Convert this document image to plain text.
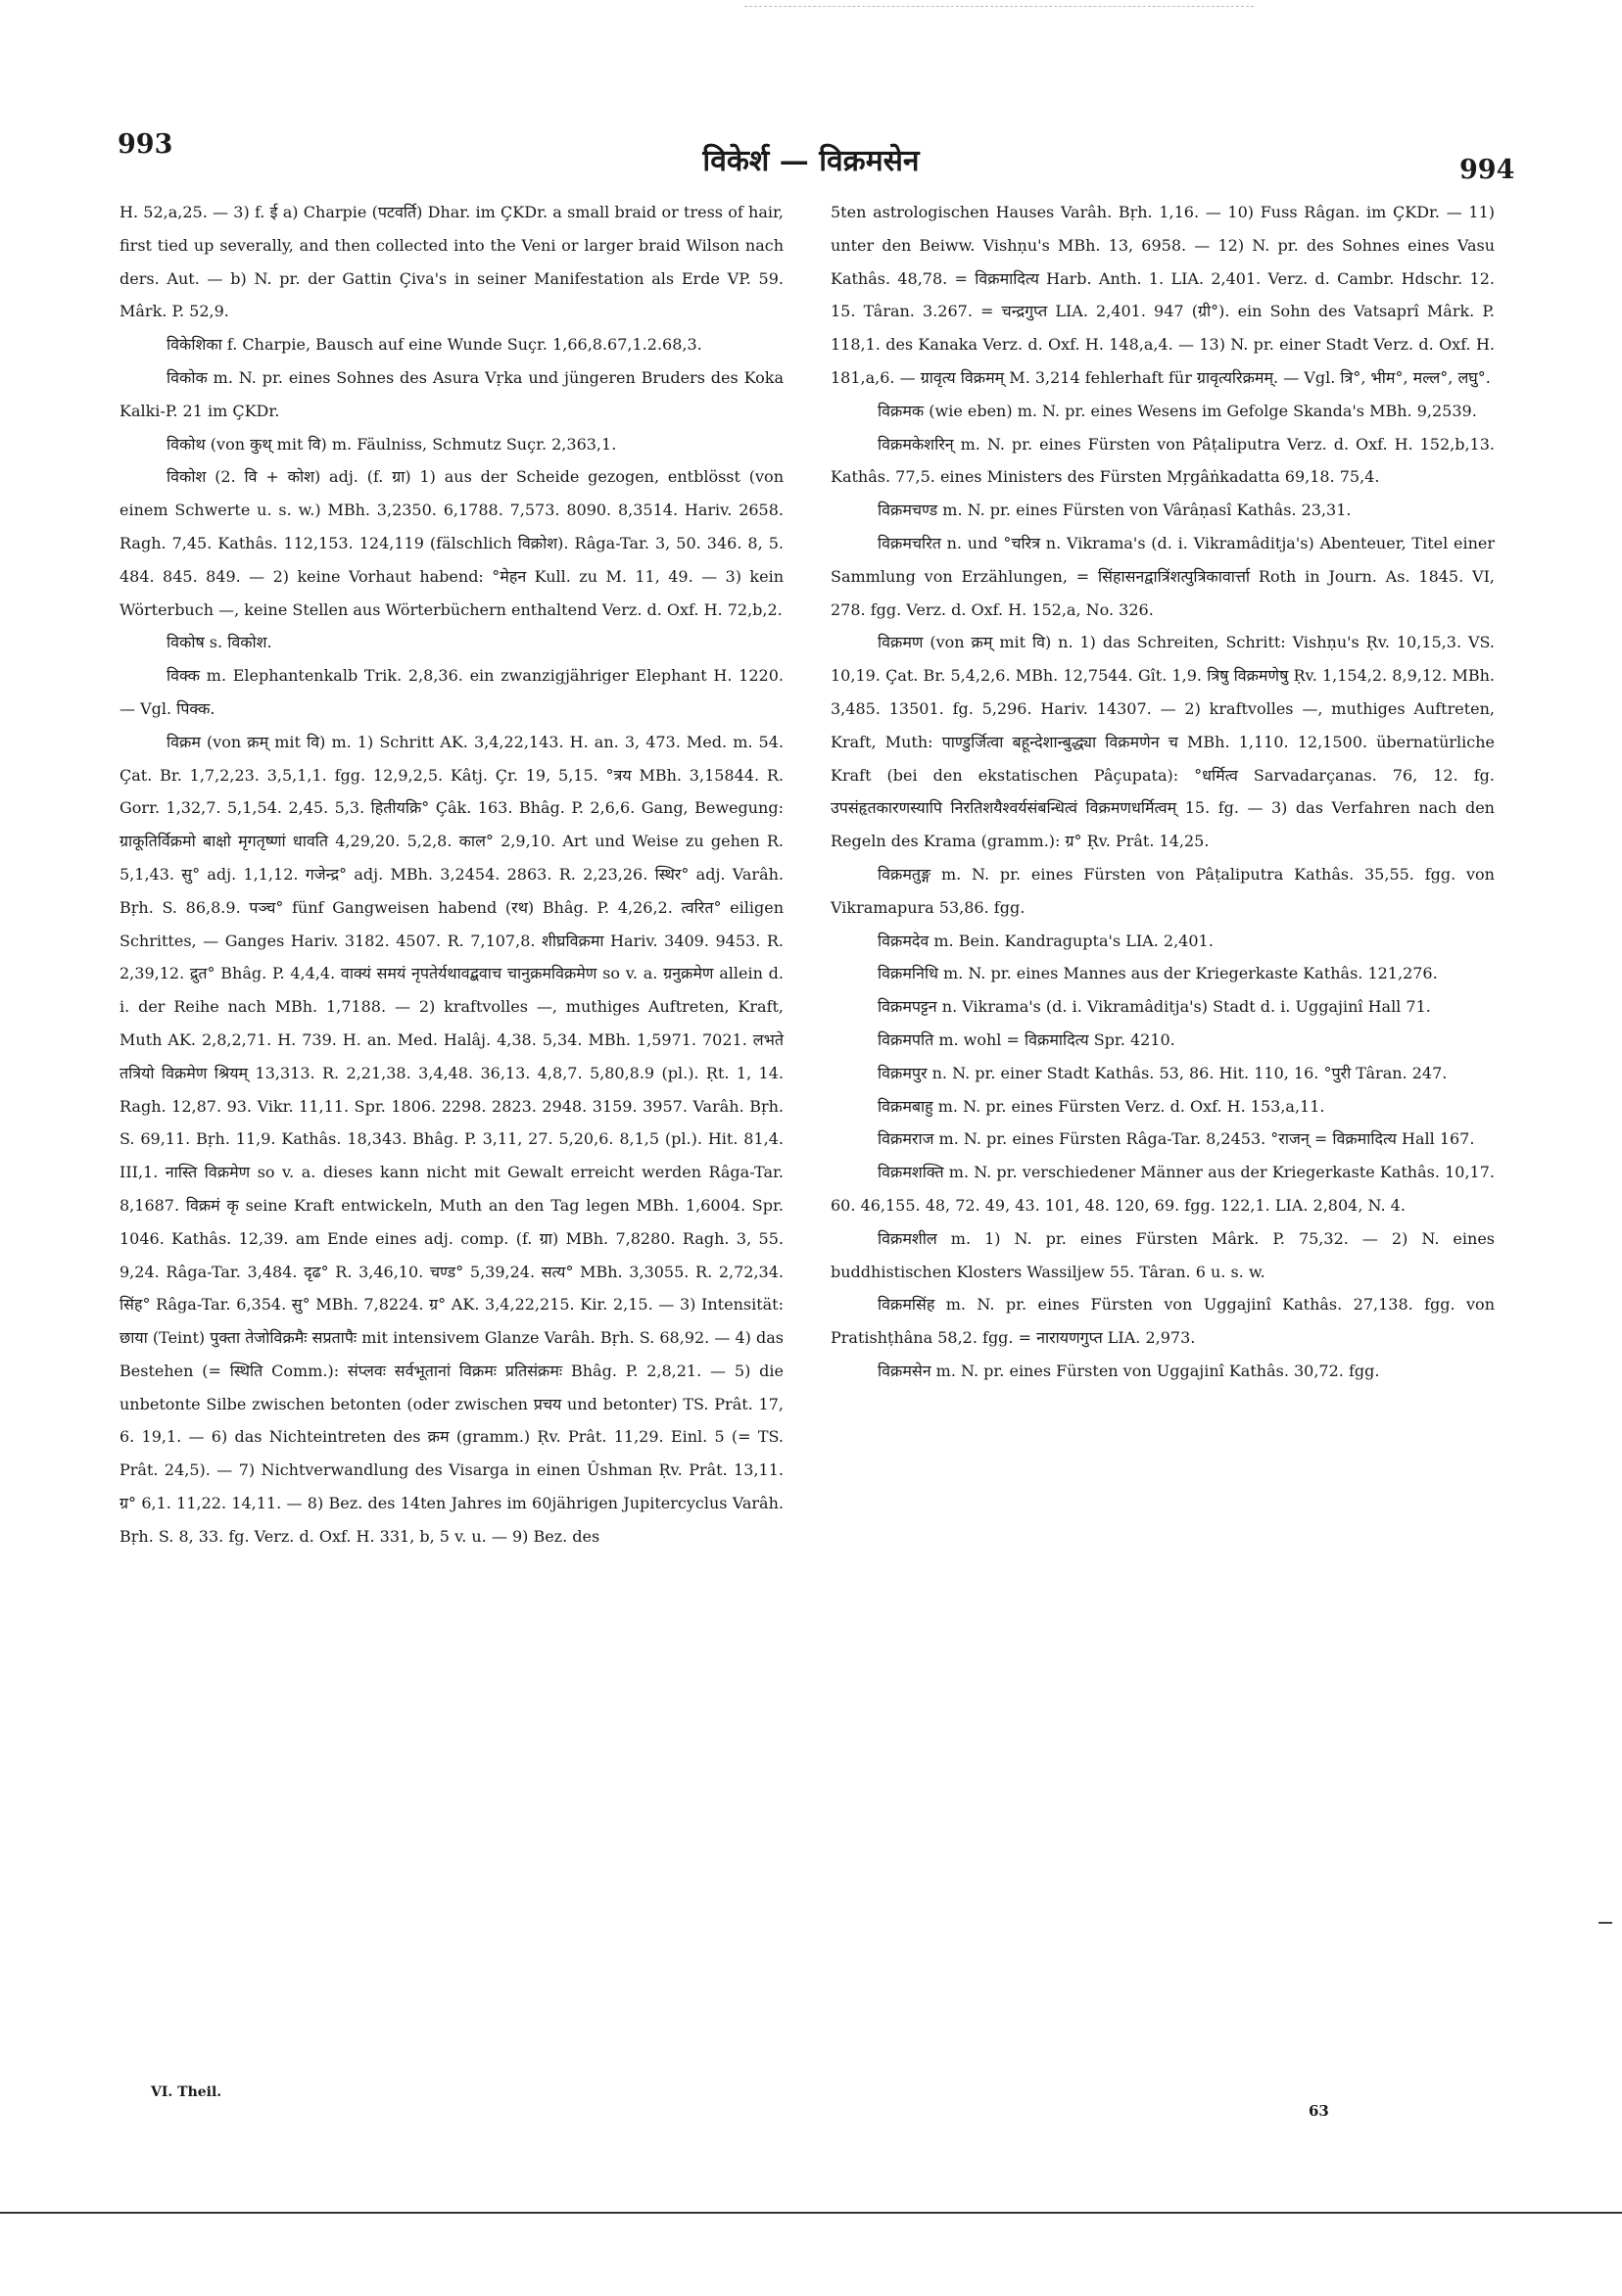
993	विकेर्श — विक्रमसेन	994

H. 52,a,25. — 3) f. ई a) Charpie (पटवर्ति) Dhar. im ÇKDr. a small braid or tress of hair, first tied up severally, and then collected into the Veni or larger braid Wilson nach ders. Aut. — b) N. pr. der Gattin Çiva's in seiner Manifestation als Erde VP. 59. Mârk. P. 52,9.

विकेशिका f. Charpie, Bausch auf eine Wunde Suçr. 1,66,8.67,1.2.68,3.

विकोक m. N. pr. eines Sohnes des Asura Vṛka und jüngeren Bruders des Koka Kalki-P. 21 im ÇKDr.

विकोथ (von कुथ् mit वि) m. Fäulniss, Schmutz Suçr. 2,363,1.

विकोश (2. वि + कोश) adj. (f. ग्रा) 1) aus der Scheide gezogen, entblösst (von einem Schwerte u. s. w.) MBh. 3,2350. 6,1788. 7,573. 8090. 8,3514. Hariv. 2658. Ragh. 7,45. Kathâs. 112,153. 124,119 (fälschlich विक्रोश). Râga-Tar. 3, 50. 346. 8, 5. 484. 845. 849. — 2) keine Vorhaut habend: °मेहन Kull. zu M. 11, 49. — 3) kein Wörterbuch —, keine Stellen aus Wörterbüchern enthaltend Verz. d. Oxf. H. 72,b,2.

विकोष s. विकोश.

विक्क m. Elephantenkalb Trik. 2,8,36. ein zwanzigjähriger Elephant H. 1220. — Vgl. पिक्क.

विक्रम (von क्रम् mit वि) m. 1) Schritt AK. 3,4,22,143. H. an. 3, 473. Med. m. 54. Çat. Br. 1,7,2,23. 3,5,1,1. fgg. 12,9,2,5. Kâtj. Çr. 19, 5,15. °त्रय MBh. 3,15844. R. Gorr. 1,32,7. 5,1,54. 2,45. 5,3. हितीयक्रि° Çâk. 163. Bhâg. P. 2,6,6. Gang, Bewegung: ग्राकूतिर्विक्रमो बाक्षो मृगतृष्णां धावति 4,29,20. 5,2,8. काल° 2,9,10. Art und Weise zu gehen R. 5,1,43. सु° adj. 1,1,12. गजेन्द्र° adj. MBh. 3,2454. 2863. R. 2,23,26. स्थिर° adj. Varâh. Bṛh. S. 86,8.9. पञ्च° fünf Gangweisen habend (रथ) Bhâg. P. 4,26,2. त्वरित° eiligen Schrittes, — Ganges Hariv. 3182. 4507. R. 7,107,8. शीघ्रविक्रमा Hariv. 3409. 9453. R. 2,39,12. द्रुत° Bhâg. P. 4,4,4. वाक्यं समयं नृपतेर्यथावद्बवाच चानुक्रमविक्रमेण so v. a. ग्रनुक्रमेण allein d. i. der Reihe nach MBh. 1,7188. — 2) kraftvolles —, muthiges Auftreten, Kraft, Muth AK. 2,8,2,71. H. 739. H. an. Med. Halâj. 4,38. 5,34. MBh. 1,5971. 7021. लभते तत्रियो विक्रमेण श्रियम् 13,313. R. 2,21,38. 3,4,48. 36,13. 4,8,7. 5,80,8.9 (pl.). Ṛt. 1, 14. Ragh. 12,87. 93. Vikr. 11,11. Spr. 1806. 2298. 2823. 2948. 3159. 3957. Varâh. Bṛh. S. 69,11. Bṛh. 11,9. Kathâs. 18,343. Bhâg. P. 3,11, 27. 5,20,6. 8,1,5 (pl.). Hit. 81,4. III,1. नास्ति विक्रमेण so v. a. dieses kann nicht mit Gewalt erreicht werden Râga-Tar. 8,1687. विक्रमं कृ seine Kraft entwickeln, Muth an den Tag legen MBh. 1,6004. Spr. 1046. Kathâs. 12,39. am Ende eines adj. comp. (f. ग्रा) MBh. 7,8280. Ragh. 3, 55. 9,24. Râga-Tar. 3,484. दृढ° R. 3,46,10. चण्ड° 5,39,24. सत्य° MBh. 3,3055. R. 2,72,34. सिंह° Râga-Tar. 6,354. सु° MBh. 7,8224. ग्र° AK. 3,4,22,215. Kir. 2,15. — 3) Intensität: छाया (Teint) पुक्ता तेजोविक्रमैः सप्रतापैः mit intensivem Glanze Varâh. Bṛh. S. 68,92. — 4) das Bestehen (= स्थिति Comm.): संप्लवः सर्वभूतानां विक्रमः प्रतिसंक्रमः Bhâg. P. 2,8,21. — 5) die unbetonte Silbe zwischen betonten (oder zwischen प्रचय und betonter) TS. Prât. 17, 6. 19,1. — 6) das Nichteintreten des क्रम (gramm.) Ṛv. Prât. 11,29. Einl. 5 (= TS. Prât. 24,5). — 7) Nichtverwandlung des Visarga in einen Ûshman Ṛv. Prât. 13,11. ग्र° 6,1. 11,22. 14,11. — 8) Bez. des 14ten Jahres im 60jährigen Jupitercyclus Varâh. Bṛh. S. 8, 33. fg. Verz. d. Oxf. H. 331, b, 5 v. u. — 9) Bez. des

5ten astrologischen Hauses Varâh. Bṛh. 1,16. — 10) Fuss Râgan. im ÇKDr. — 11) unter den Beiww. Vishṇu's MBh. 13, 6958. — 12) N. pr. des Sohnes eines Vasu Kathâs. 48,78. = विक्रमादित्य Harb. Anth. 1. LIA. 2,401. Verz. d. Cambr. Hdschr. 12. 15. Târan. 3.267. = चन्द्रगुप्त LIA. 2,401. 947 (ग्री°). ein Sohn des Vatsaprî Mârk. P. 118,1. des Kanaka Verz. d. Oxf. H. 148,a,4. — 13) N. pr. einer Stadt Verz. d. Oxf. H. 181,a,6. — ग्रावृत्य विक्रमम् M. 3,214 fehlerhaft für ग्रावृत्यरिक्रमम्. — Vgl. त्रि°, भीम°, मल्ल°, लघु°.

विक्रमक (wie eben) m. N. pr. eines Wesens im Gefolge Skanda's MBh. 9,2539.

विक्रमकेशरिन् m. N. pr. eines Fürsten von Pâṭaliputra Verz. d. Oxf. H. 152,b,13. Kathâs. 77,5. eines Ministers des Fürsten Mṛgâṅkadatta 69,18. 75,4.

विक्रमचण्ड m. N. pr. eines Fürsten von Vârâṇasî Kathâs. 23,31.

विक्रमचरित n. und °चरित्र n. Vikrama's (d. i. Vikramâditja's) Abenteuer, Titel einer Sammlung von Erzählungen, = सिंहासनद्वात्रिंशत्पुत्रिकावार्त्ता Roth in Journ. As. 1845. VI, 278. fgg. Verz. d. Oxf. H. 152,a, No. 326.

विक्रमण (von क्रम् mit वि) n. 1) das Schreiten, Schritt: Vishṇu's Ṛv. 10,15,3. VS. 10,19. Çat. Br. 5,4,2,6. MBh. 12,7544. Gît. 1,9. त्रिषु विक्रमणेषु Ṛv. 1,154,2. 8,9,12. MBh. 3,485. 13501. fg. 5,296. Hariv. 14307. — 2) kraftvolles —, muthiges Auftreten, Kraft, Muth: पाण्डुर्जित्वा बहून्देशान्बुद्ध्या विक्रमणेन च MBh. 1,110. 12,1500. übernatürliche Kraft (bei den ekstatischen Pâçupata): °धर्मित्व Sarvadarçanas. 76, 12. fg. उपसंहृतकारणस्यापि निरतिशयैश्वर्यसंबन्धित्वं विक्रमणधर्मित्वम् 15. fg. — 3) das Verfahren nach den Regeln des Krama (gramm.): ग्र° Ṛv. Prât. 14,25.

विक्रमतुङ्ग m. N. pr. eines Fürsten von Pâṭaliputra Kathâs. 35,55. fgg. von Vikramapura 53,86. fgg.

विक्रमदेव m. Bein. Kandragupta's LIA. 2,401.

विक्रमनिधि m. N. pr. eines Mannes aus der Kriegerkaste Kathâs. 121,276.

विक्रमपट्टन n. Vikrama's (d. i. Vikramâditja's) Stadt d. i. Uggajinî Hall 71.

विक्रमपति m. wohl = विक्रमादित्य Spr. 4210.

विक्रमपुर n. N. pr. einer Stadt Kathâs. 53, 86. Hit. 110, 16. °पुरी Târan. 247.

विक्रमबाहु m. N. pr. eines Fürsten Verz. d. Oxf. H. 153,a,11.

विक्रमराज m. N. pr. eines Fürsten Râga-Tar. 8,2453. °राजन् = विक्रमादित्य Hall 167.

विक्रमशक्ति m. N. pr. verschiedener Männer aus der Kriegerkaste Kathâs. 10,17. 60. 46,155. 48, 72. 49, 43. 101, 48. 120, 69. fgg. 122,1. LIA. 2,804, N. 4.

विक्रमशील m. 1) N. pr. eines Fürsten Mârk. P. 75,32. — 2) N. eines buddhistischen Klosters Wassiljew 55. Târan. 6 u. s. w.

विक्रमसिंह m. N. pr. eines Fürsten von Uggajinî Kathâs. 27,138. fgg. von Pratishṭhâna 58,2. fgg. = नारायणगुप्त LIA. 2,973.

विक्रमसेन m. N. pr. eines Fürsten von Uggajinî Kathâs. 30,72. fgg.

VI. Theil.
63
